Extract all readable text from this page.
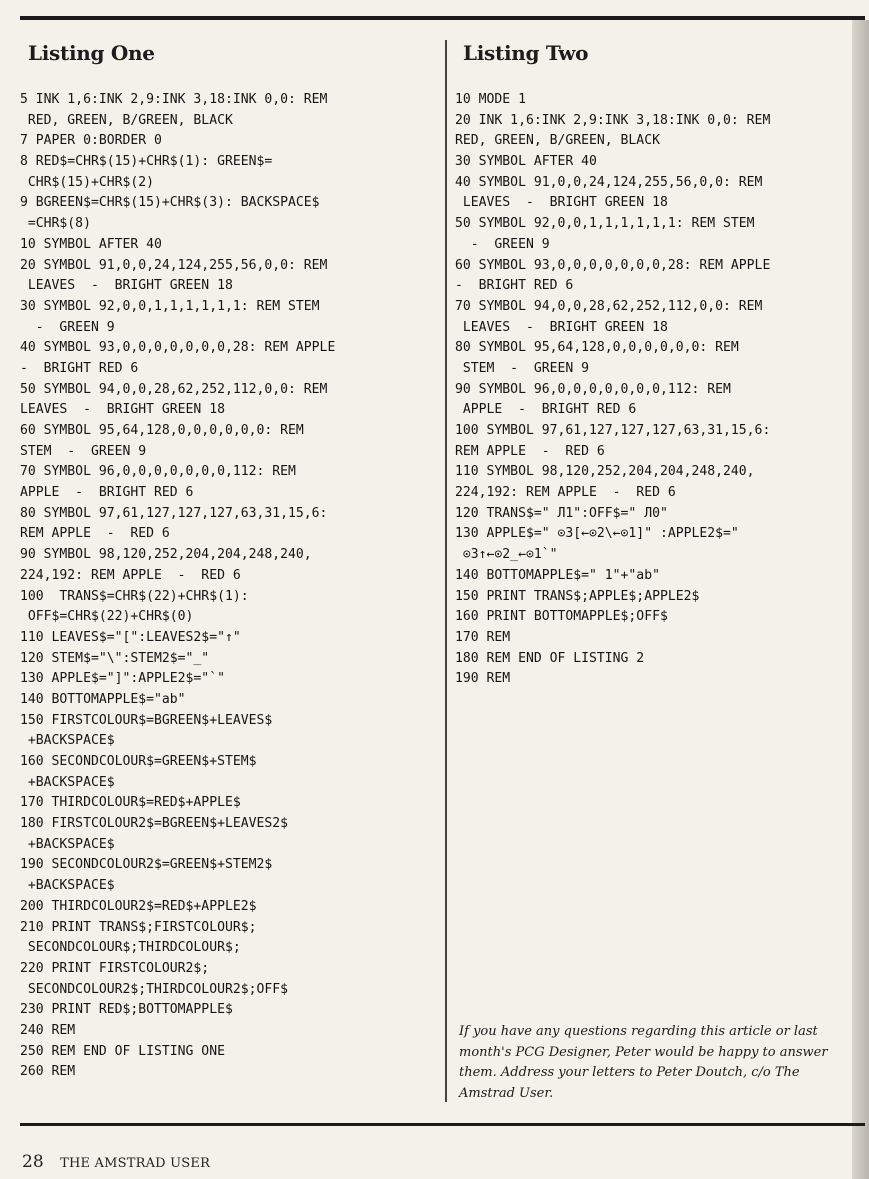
Listing One
5 INK 1,6:INK 2,9:INK 3,18:INK 0,0: REM
RED, GREEN, B/GREEN, BLACK
7 PAPER 0:BORDER 0
8 RED$=CHR$(15)+CHR$(1): GREEN$=
CHR$(15)+CHR$(2)
9 BGREEN$=CHR$(15)+CHR$(3): BACKSPACE$
=CHR$(8)
10 SYMBOL AFTER 40
20 SYMBOL 91,0,0,24,124,255,56,0,0: REM
LEAVES  -  BRIGHT GREEN 18
30 SYMBOL 92,0,0,1,1,1,1,1,1: REM STEM
-  GREEN 9
40 SYMBOL 93,0,0,0,0,0,0,0,28: REM APPLE
-  BRIGHT RED 6
50 SYMBOL 94,0,0,28,62,252,112,0,0: REM
LEAVES  -  BRIGHT GREEN 18
60 SYMBOL 95,64,128,0,0,0,0,0,0: REM
STEM  -  GREEN 9
70 SYMBOL 96,0,0,0,0,0,0,0,112: REM
APPLE  -  BRIGHT RED 6
80 SYMBOL 97,61,127,127,127,63,31,15,6:
REM APPLE  -  RED 6
90 SYMBOL 98,120,252,204,204,248,240,
224,192: REM APPLE  -  RED 6
100  TRANS$=CHR$(22)+CHR$(1):
OFF$=CHR$(22)+CHR$(0)
110 LEAVES$="[":LEAVES2$="↑"
120 STEM$="\":STEM2$="_"
130 APPLE$="]":APPLE2$="`"
140 BOTTOMAPPLE$="ab"
150 FIRSTCOLOUR$=BGREEN$+LEAVES$
+BACKSPACE$
160 SECONDCOLOUR$=GREEN$+STEM$
+BACKSPACE$
170 THIRDCOLOUR$=RED$+APPLE$
180 FIRSTCOLOUR2$=BGREEN$+LEAVES2$
+BACKSPACE$
190 SECONDCOLOUR2$=GREEN$+STEM2$
+BACKSPACE$
200 THIRDCOLOUR2$=RED$+APPLE2$
210 PRINT TRANS$;FIRSTCOLOUR$;
SECONDCOLOUR$;THIRDCOLOUR$;
220 PRINT FIRSTCOLOUR2$;
SECONDCOLOUR2$;THIRDCOLOUR2$;OFF$
230 PRINT RED$;BOTTOMAPPLE$
240 REM
250 REM END OF LISTING ONE
260 REM
Listing Two
10 MODE 1
20 INK 1,6:INK 2,9:INK 3,18:INK 0,0: REM
RED, GREEN, B/GREEN, BLACK
30 SYMBOL AFTER 40
40 SYMBOL 91,0,0,24,124,255,56,0,0: REM
LEAVES  -  BRIGHT GREEN 18
50 SYMBOL 92,0,0,1,1,1,1,1,1: REM STEM
-  GREEN 9
60 SYMBOL 93,0,0,0,0,0,0,0,28: REM APPLE
-  BRIGHT RED 6
70 SYMBOL 94,0,0,28,62,252,112,0,0: REM
LEAVES  -  BRIGHT GREEN 18
80 SYMBOL 95,64,128,0,0,0,0,0,0: REM
STEM  -  GREEN 9
90 SYMBOL 96,0,0,0,0,0,0,0,112: REM
APPLE  -  BRIGHT RED 6
100 SYMBOL 97,61,127,127,127,63,31,15,6:
REM APPLE  -  RED 6
110 SYMBOL 98,120,252,204,204,248,240,
224,192: REM APPLE  -  RED 6
120 TRANS$=" Л1":OFF$=" Л0"
130 APPLE$=" ⊙3[←⊙2\←⊙1]" :APPLE2$="
⊙3↑←⊙2_←⊙1`"
140 BOTTOMAPPLE$=" 1"+"ab"
150 PRINT TRANS$;APPLE$;APPLE2$
160 PRINT BOTTOMAPPLE$;OFF$
170 REM
180 REM END OF LISTING 2
190 REM
If you have any questions regarding this article or last month's PCG Designer, Peter would be happy to answer them. Address your letters to Peter Doutch, c/o The Amstrad User.
28 THE AMSTRAD USER
